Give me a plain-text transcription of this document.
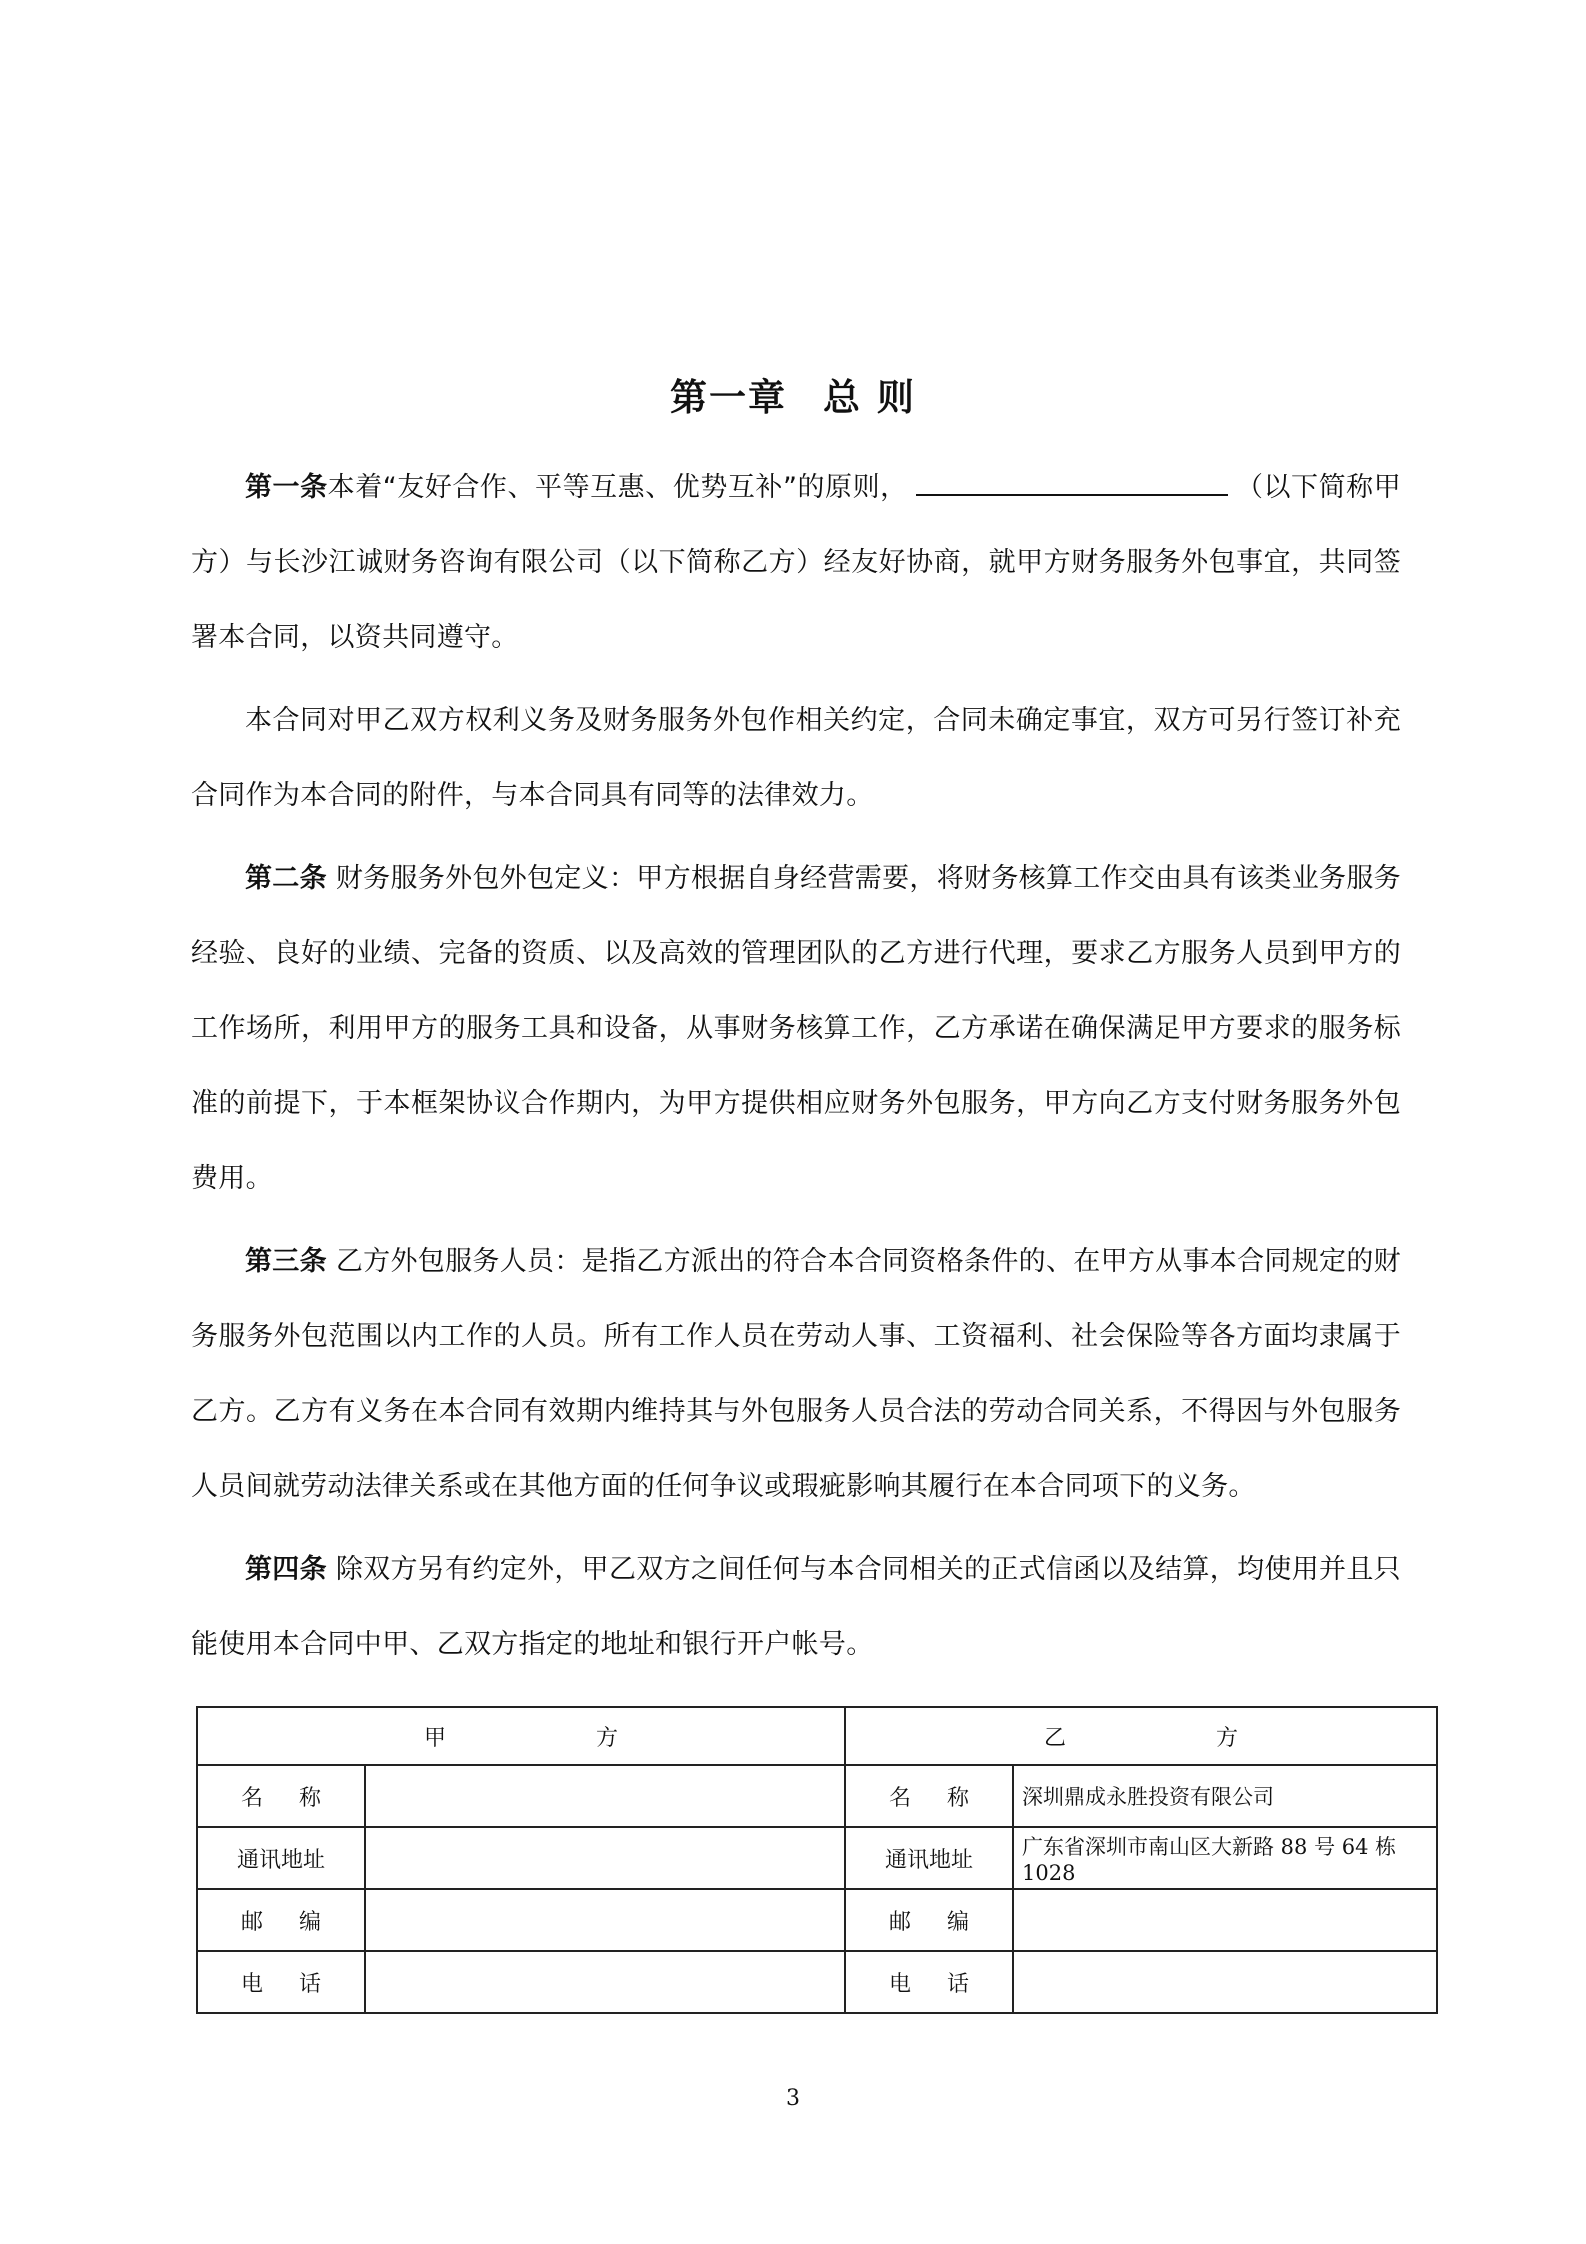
第一章 总 则

第一条本着“友好合作、平等互惠、优势互补”的原则，	（以下简称甲方）与长沙江诚财务咨询有限公司（以下简称乙方）经友好协商，就甲方财务服务外包事宜，共同签署本合同，以资共同遵守。

本合同对甲乙双方权利义务及财务服务外包作相关约定，合同未确定事宜，双方可另行签订补充合同作为本合同的附件，与本合同具有同等的法律效力。

第二条 财务服务外包外包定义：甲方根据自身经营需要，将财务核算工作交由具有该类业务服务经验、良好的业绩、完备的资质、以及高效的管理团队的乙方进行代理，要求乙方服务人员到甲方的工作场所，利用甲方的服务工具和设备，从事财务核算工作，乙方承诺在确保满足甲方要求的服务标准的前提下，于本框架协议合作期内，为甲方提供相应财务外包服务，甲方向乙方支付财务服务外包费用。

第三条 乙方外包服务人员：是指乙方派出的符合本合同资格条件的、在甲方从事本合同规定的财务服务外包范围以内工作的人员。所有工作人员在劳动人事、工资福利、社会保险等各方面均隶属于乙方。乙方有义务在本合同有效期内维持其与外包服务人员合法的劳动合同关系，不得因与外包服务人员间就劳动法律关系或在其他方面的任何争议或瑕疵影响其履行在本合同项下的义务。

第四条 除双方另有约定外，甲乙双方之间任何与本合同相关的正式信函以及结算，均使用并且只能使用本合同中甲、乙双方指定的地址和银行开户帐号。

甲方		乙方	
名称		名称	深圳鼎成永胜投资有限公司
通讯地址		通讯地址	广东省深圳市南山区大新路 88 号 64 栋 1028
邮编		邮编	
电话		电话	
3
